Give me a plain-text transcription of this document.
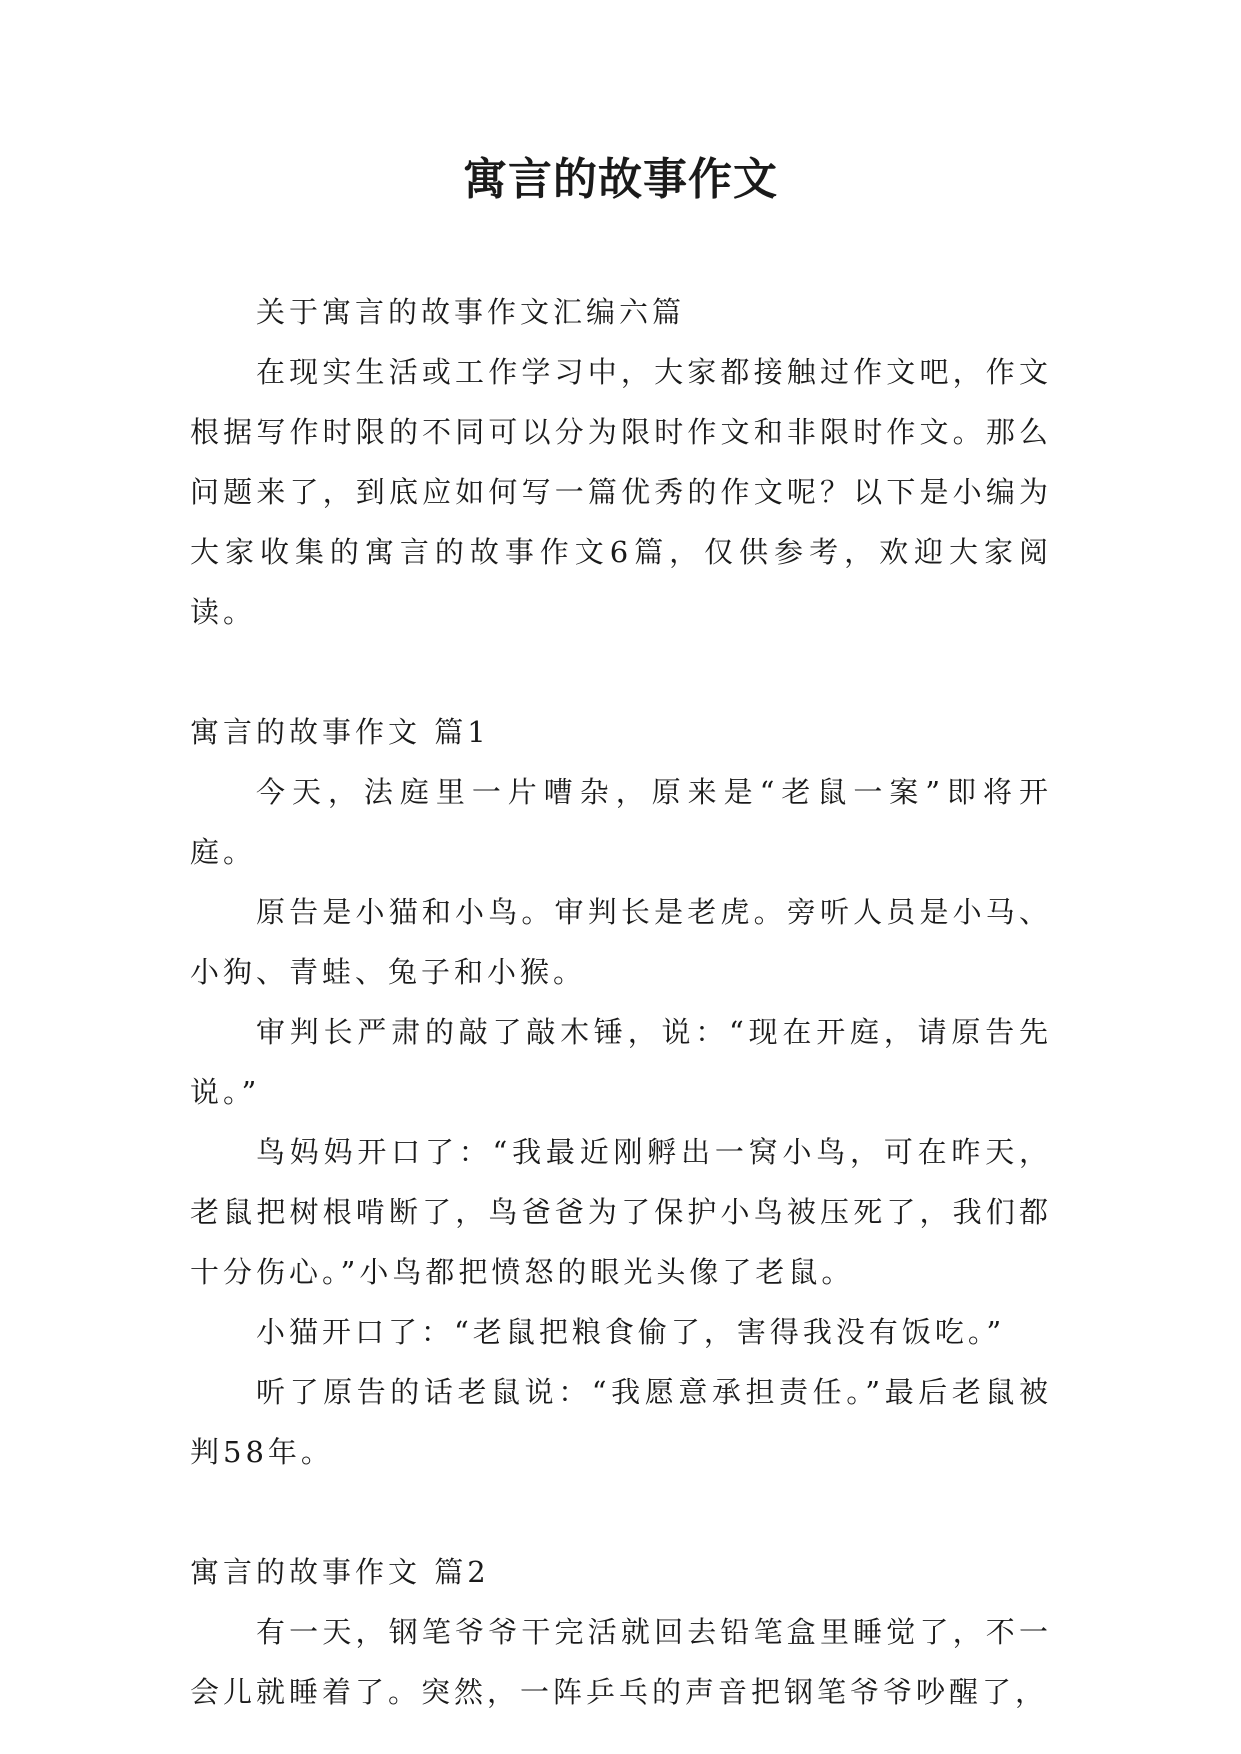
寓言的故事作文

关于寓言的故事作文汇编六篇

在现实生活或工作学习中，大家都接触过作文吧，作文根据写作时限的不同可以分为限时作文和非限时作文。那么问题来了，到底应如何写一篇优秀的作文呢？以下是小编为大家收集的寓言的故事作文6篇，仅供参考，欢迎大家阅读。

寓言的故事作文 篇1

今天，法庭里一片嘈杂，原来是“老鼠一案”即将开庭。

原告是小猫和小鸟。审判长是老虎。旁听人员是小马、小狗、青蛙、兔子和小猴。

审判长严肃的敲了敲木锤，说：“现在开庭，请原告先说。”

鸟妈妈开口了：“我最近刚孵出一窝小鸟，可在昨天，老鼠把树根啃断了，鸟爸爸为了保护小鸟被压死了，我们都十分伤心。”小鸟都把愤怒的眼光头像了老鼠。

小猫开口了：“老鼠把粮食偷了，害得我没有饭吃。”

听了原告的话老鼠说：“我愿意承担责任。”最后老鼠被判58年。

寓言的故事作文 篇2

有一天，钢笔爷爷干完活就回去铅笔盒里睡觉了，不一会儿就睡着了。突然，一阵乒乓的声音把钢笔爷爷吵醒了，
